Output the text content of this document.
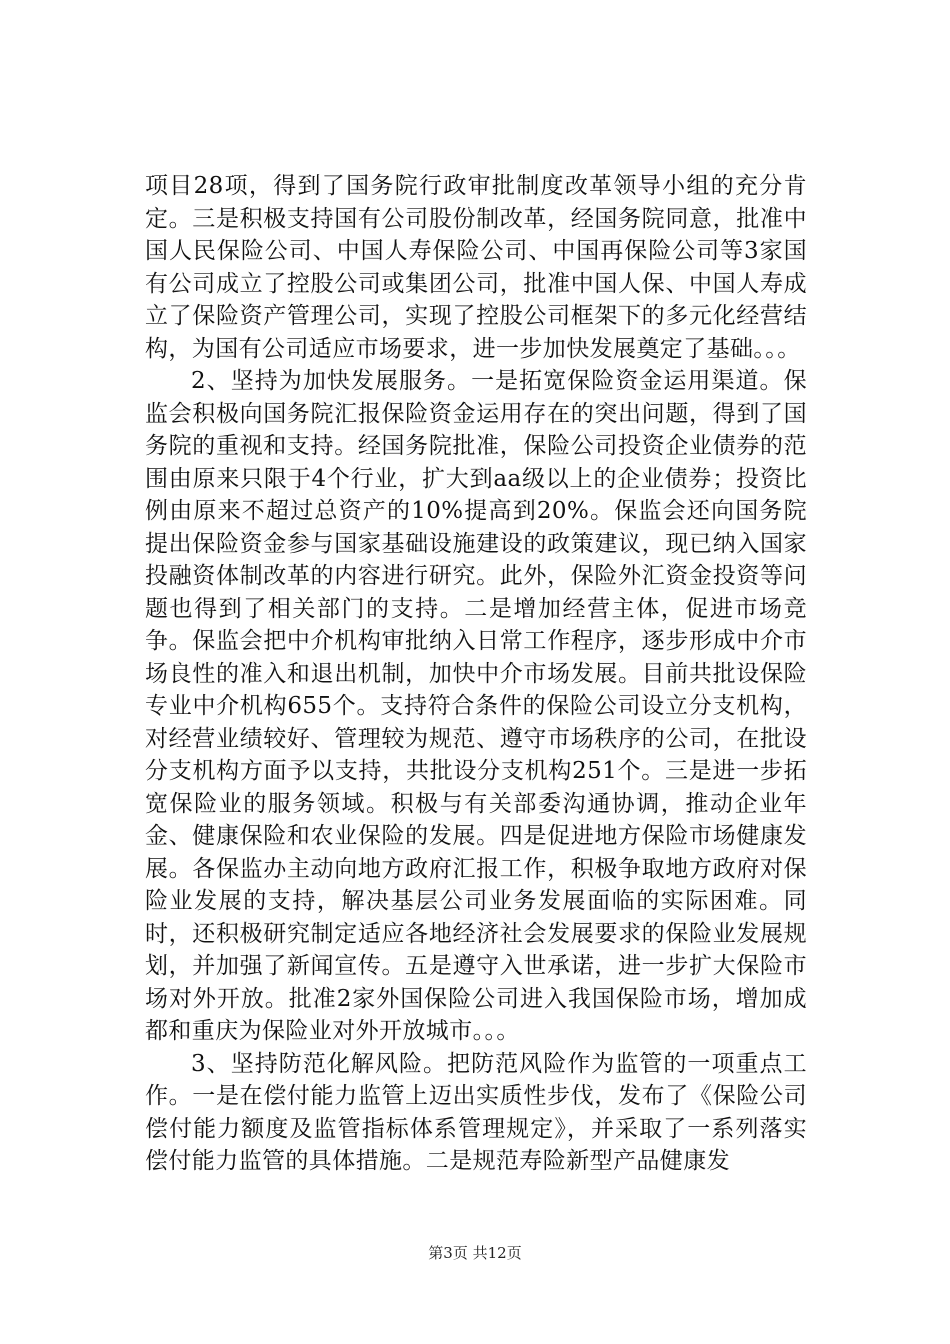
项目28项，得到了国务院行政审批制度改革领导小组的充分肯定。三是积极支持国有公司股份制改革，经国务院同意，批准中国人民保险公司、中国人寿保险公司、中国再保险公司等3家国有公司成立了控股公司或集团公司，批准中国人保、中国人寿成立了保险资产管理公司，实现了控股公司框架下的多元化经营结构，为国有公司适应市场要求，进一步加快发展奠定了基础。。。

2、坚持为加快发展服务。一是拓宽保险资金运用渠道。保监会积极向国务院汇报保险资金运用存在的突出问题，得到了国务院的重视和支持。经国务院批准，保险公司投资企业债券的范围由原来只限于4个行业，扩大到aa级以上的企业债券；投资比例由原来不超过总资产的10%提高到20%。保监会还向国务院提出保险资金参与国家基础设施建设的政策建议，现已纳入国家投融资体制改革的内容进行研究。此外，保险外汇资金投资等问题也得到了相关部门的支持。二是增加经营主体，促进市场竞争。保监会把中介机构审批纳入日常工作程序，逐步形成中介市场良性的准入和退出机制，加快中介市场发展。目前共批设保险专业中介机构655个。支持符合条件的保险公司设立分支机构，对经营业绩较好、管理较为规范、遵守市场秩序的公司，在批设分支机构方面予以支持，共批设分支机构251个。三是进一步拓宽保险业的服务领域。积极与有关部委沟通协调，推动企业年金、健康保险和农业保险的发展。四是促进地方保险市场健康发展。各保监办主动向地方政府汇报工作，积极争取地方政府对保险业发展的支持，解决基层公司业务发展面临的实际困难。同时，还积极研究制定适应各地经济社会发展要求的保险业发展规划，并加强了新闻宣传。五是遵守入世承诺，进一步扩大保险市场对外开放。批准2家外国保险公司进入我国保险市场，增加成都和重庆为保险业对外开放城市。。。

3、坚持防范化解风险。把防范风险作为监管的一项重点工作。一是在偿付能力监管上迈出实质性步伐，发布了《保险公司偿付能力额度及监管指标体系管理规定》，并采取了一系列落实偿付能力监管的具体措施。二是规范寿险新型产品健康发

第3页 共12页
